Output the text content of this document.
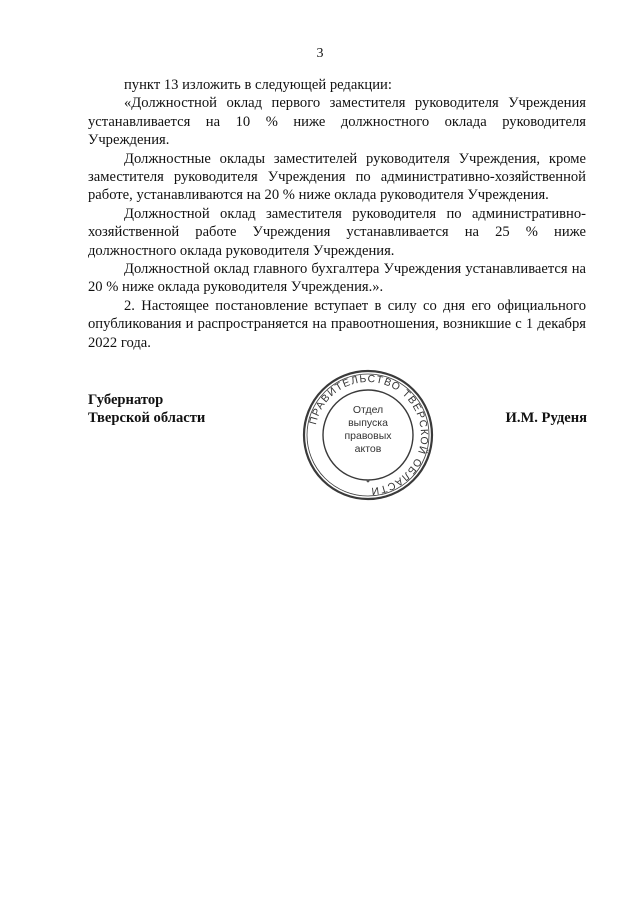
3

пункт 13 изложить в следующей редакции:

«Должностной оклад первого заместителя руководителя Учреждения устанавливается на 10 % ниже должностного оклада руководителя Учреждения.

Должностные оклады заместителей руководителя Учреждения, кроме заместителя руководителя Учреждения по административно-хозяйственной работе, устанавливаются на 20 % ниже оклада руководителя Учреждения.

Должностной оклад заместителя руководителя по административно-хозяйственной работе Учреждения устанавливается на 25 % ниже должностного оклада руководителя Учреждения.

Должностной оклад главного бухгалтера Учреждения устанавливается на 20 % ниже оклада руководителя Учреждения.».

2. Настоящее постановление вступает в силу со дня его официального опубликования и распространяется на правоотношения, возникшие с 1 декабря 2022 года.

Губернатор
Тверской области	ПРАВИТЕЛЬСТВО ТВЕРСКОЙ ОБЛАСТИ
Отдел
выпуска
правовых
актов
И.М. Руденя
